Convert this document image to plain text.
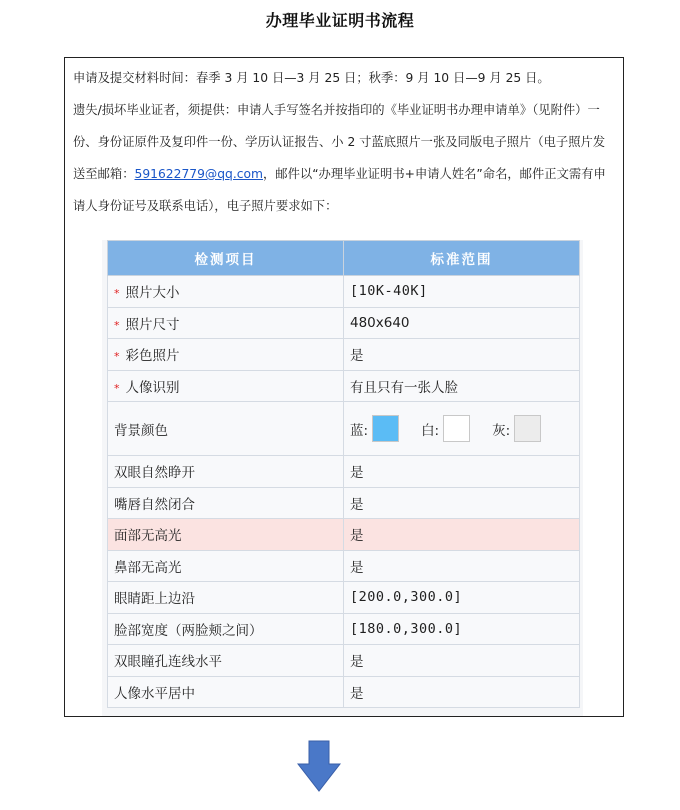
办理毕业证明书流程
申请及提交材料时间：春季 3 月 10 日—3 月 25 日；秋季：9 月 10 日—9 月 25 日。
遗失/损坏毕业证者，须提供：申请人手写签名并按指印的《毕业证明书办理申请单》（见附件）一份、身份证原件及复印件一份、学历认证报告、小 2 寸蓝底照片一张及同版电子照片（电子照片发送至邮箱：591622779@qq.com，邮件以“办理毕业证明书+申请人姓名”命名，邮件正文需有申请人身份证号及联系电话），电子照片要求如下：
检测项目	标准范围
* 照片大小	[10K-40K]
* 照片尺寸	480x640
* 彩色照片	是
* 人像识别	有且只有一张人脸
背景颜色	蓝: 白: 灰:

双眼自然睁开	是
嘴唇自然闭合	是
面部无高光	是
鼻部无高光	是
眼睛距上边沿	[200.0,300.0]
脸部宽度（两脸颊之间）	[180.0,300.0]
双眼瞳孔连线水平	是
人像水平居中	是
